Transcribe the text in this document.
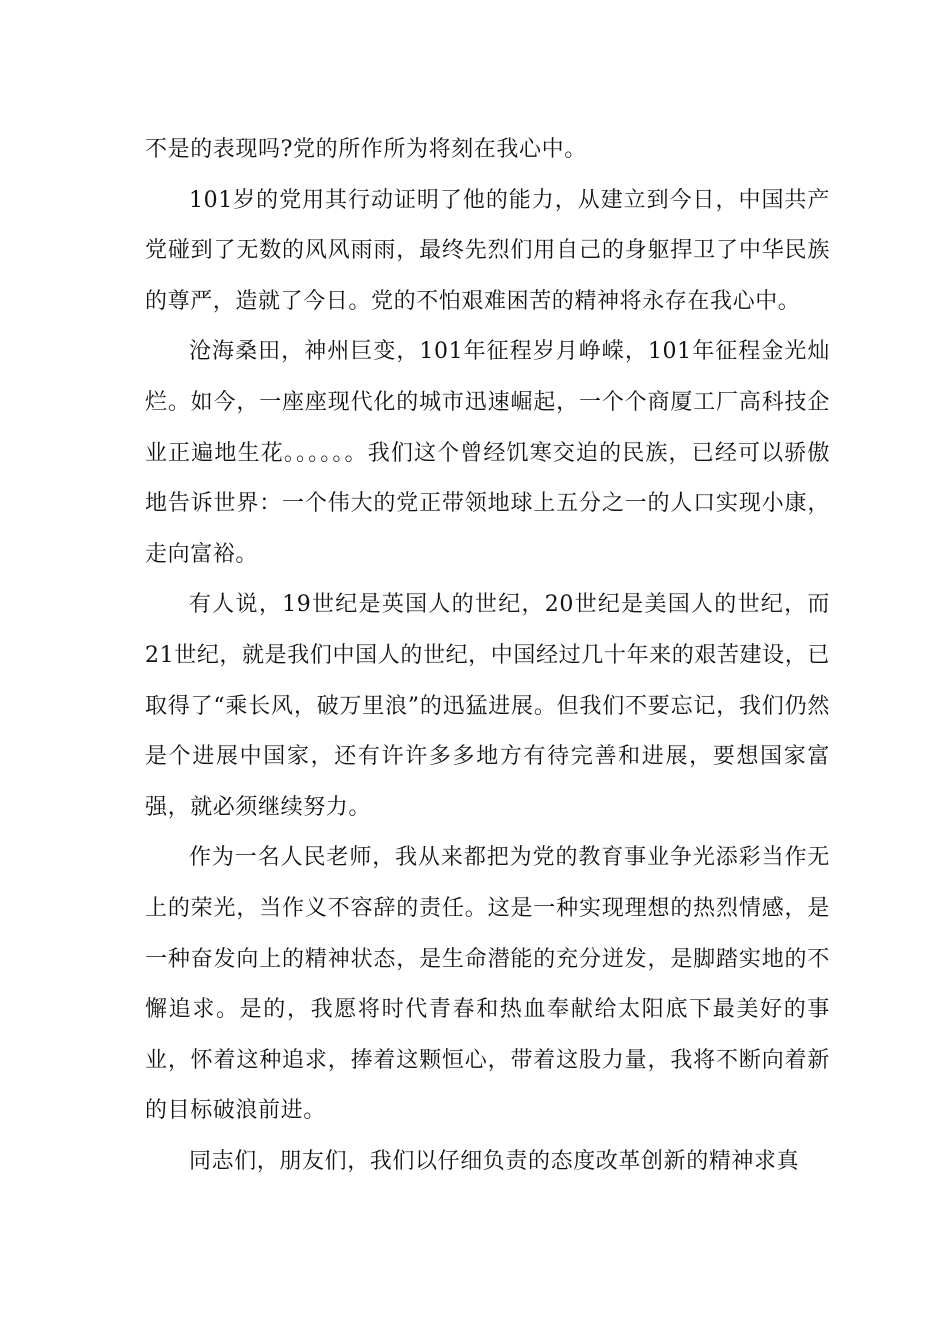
不是的表现吗?党的所作所为将刻在我心中。

101岁的党用其行动证明了他的能力，从建立到今日，中国共产党碰到了无数的风风雨雨，最终先烈们用自己的身躯捍卫了中华民族的尊严，造就了今日。党的不怕艰难困苦的精神将永存在我心中。

沧海桑田，神州巨变，101年征程岁月峥嵘，101年征程金光灿烂。如今，一座座现代化的城市迅速崛起，一个个商厦工厂高科技企业正遍地生花。。。。。。我们这个曾经饥寒交迫的民族，已经可以骄傲地告诉世界：一个伟大的党正带领地球上五分之一的人口实现小康，走向富裕。

有人说，19世纪是英国人的世纪，20世纪是美国人的世纪，而21世纪，就是我们中国人的世纪，中国经过几十年来的艰苦建设，已取得了“乘长风，破万里浪”的迅猛进展。但我们不要忘记，我们仍然是个进展中国家，还有许许多多地方有待完善和进展，要想国家富强，就必须继续努力。

作为一名人民老师，我从来都把为党的教育事业争光添彩当作无上的荣光，当作义不容辞的责任。这是一种实现理想的热烈情感，是一种奋发向上的精神状态，是生命潜能的充分迸发，是脚踏实地的不懈追求。是的，我愿将时代青春和热血奉献给太阳底下最美好的事业，怀着这种追求，捧着这颗恒心，带着这股力量，我将不断向着新的目标破浪前进。

同志们，朋友们，我们以仔细负责的态度改革创新的精神求真
